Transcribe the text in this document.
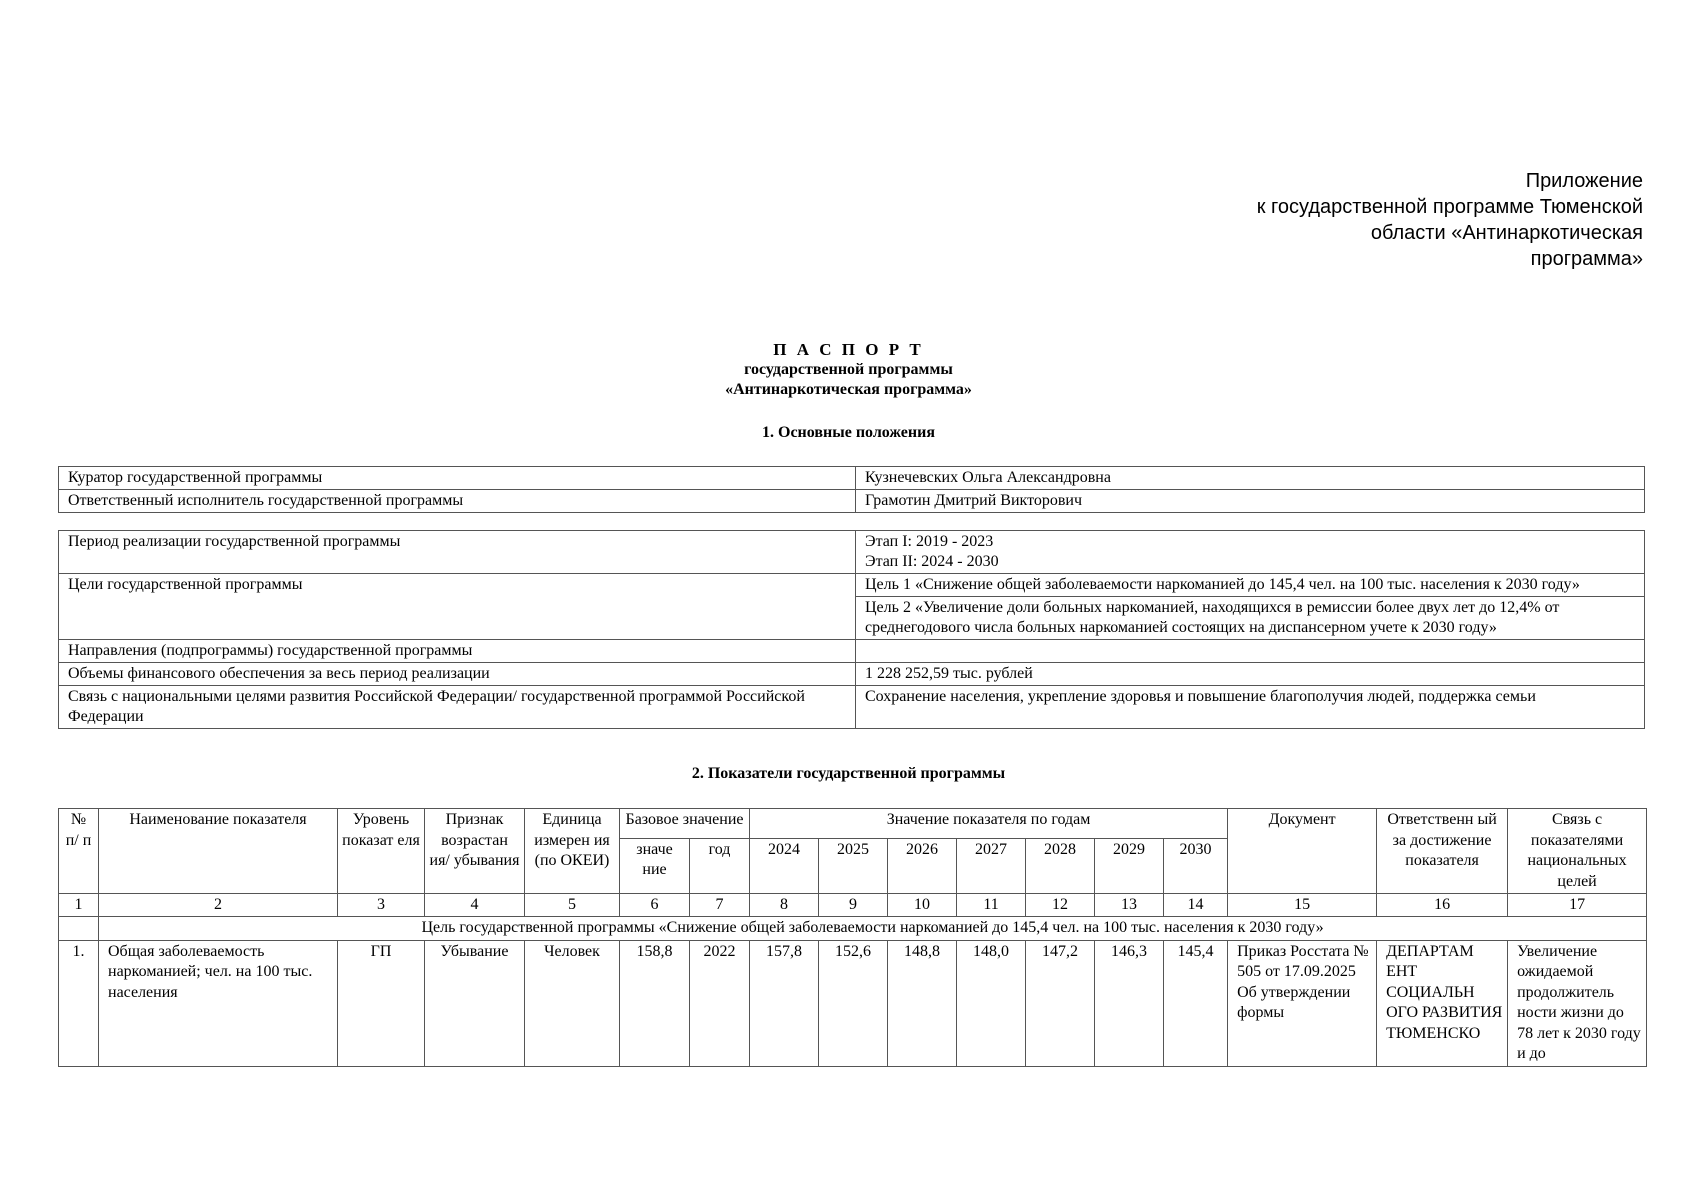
Приложение
к государственной программе Тюменской
области «Антинаркотическая
программа»
П А С П О Р Т
государственной программы
«Антинаркотическая программа»
1. Основные положения
Куратор государственной программы	Кузнечевских Ольга Александровна
Ответственный исполнитель государственной программы	Грамотин Дмитрий Викторович
Период реализации государственной программы	Этап I: 2019 - 2023
Этап II: 2024 - 2030

Цели государственной программы	Цель 1 «Снижение общей заболеваемости наркоманией до 145,4 чел. на 100 тыс. населения к 2030 году»
	Цель 2 «Увеличение доли больных наркоманией, находящихся в ремиссии более двух лет до 12,4% от среднегодового числа больных наркоманией состоящих на диспансерном учете к 2030 году»
Направления (подпрограммы) государственной программы	
Объемы финансового обеспечения за весь период реализации	1 228 252,59 тыс. рублей
Связь с национальными целями развития Российской Федерации/ государственной программой Российской Федерации	Сохранение населения, укрепление здоровья и повышение благополучия людей, поддержка семьи
2. Показатели государственной программы
№ п/ п	Наименование показателя	Уровень показат еля	Признак возрастан ия/ убывания	Единица измерен ия (по ОКЕИ)	Базовое значение		Значение показателя по годам							Документ	Ответственн ый за достижение показателя	Связь с показателями национальных целей
					значе ние	год	2024	2025	2026	2027	2028	2029	2030			
1	2	3	4	5	6	7	8	9	10	11	12	13	14	15	16	17
	Цель государственной программы «Снижение общей заболеваемости наркоманией до 145,4 чел. на 100 тыс. населения к 2030 году»															
1.	Общая заболеваемость наркоманией; чел. на 100 тыс. населения	ГП	Убывание	Человек	158,8	2022	157,8	152,6	148,8	148,0	147,2	146,3	145,4	Приказ Росстата № 505 от 17.09.2025 Об утверждении формы	ДЕПАРТАМ ЕНТ СОЦИАЛЬН ОГО РАЗВИТИЯ ТЮМЕНСКО	Увеличение ожидаемой продолжитель ности жизни до 78 лет к 2030 году и до
